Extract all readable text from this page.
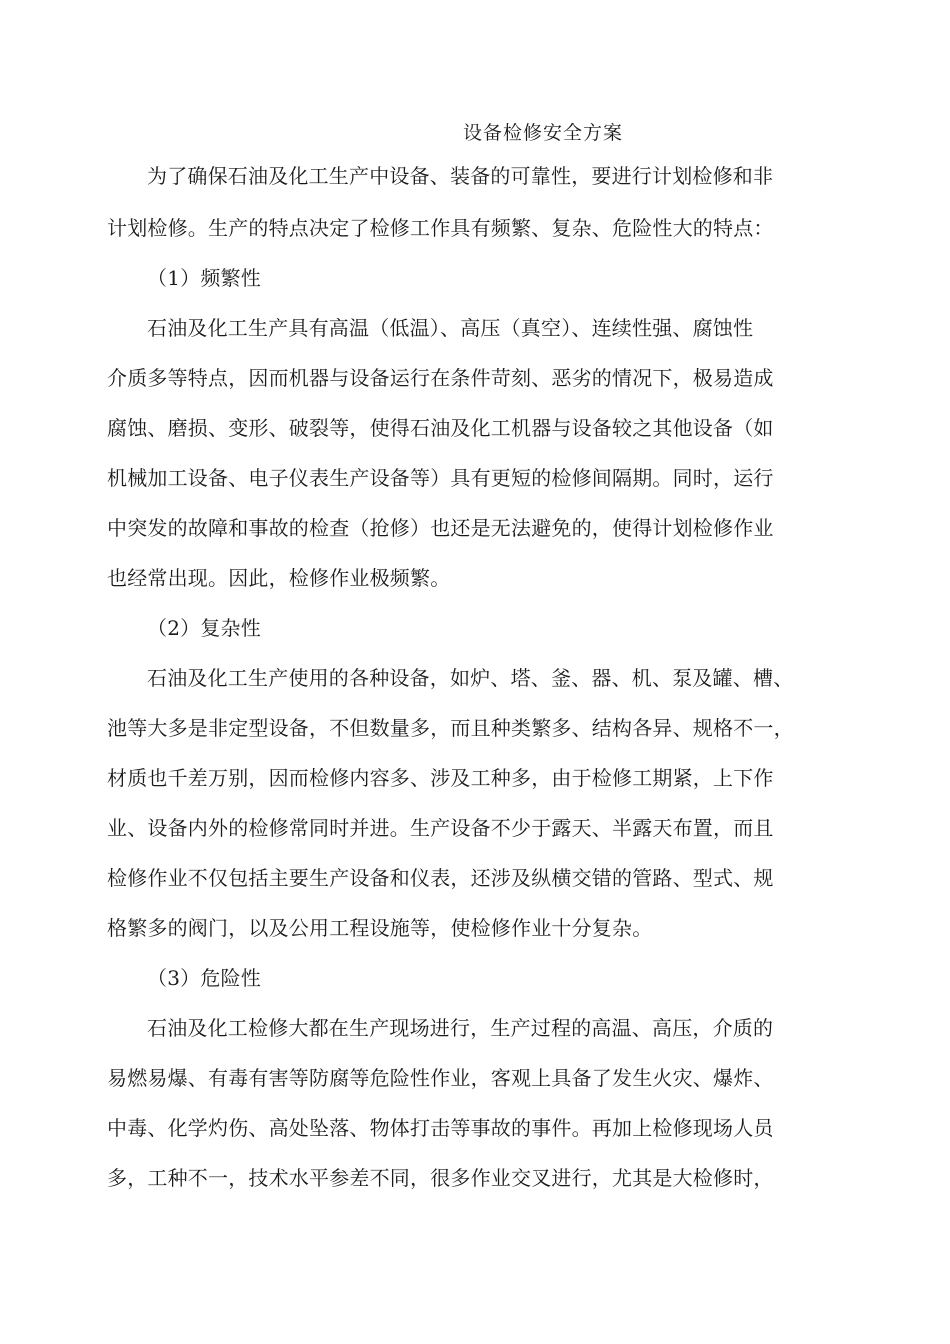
设备检修安全方案
为了确保石油及化工生产中设备、装备的可靠性，要进行计划检修和非
计划检修。生产的特点决定了检修工作具有频繁、复杂、危险性大的特点：
（1）频繁性
石油及化工生产具有高温（低温）、高压（真空）、连续性强、腐蚀性
介质多等特点，因而机器与设备运行在条件苛刻、恶劣的情况下，极易造成
腐蚀、磨损、变形、破裂等，使得石油及化工机器与设备较之其他设备（如
机械加工设备、电子仪表生产设备等）具有更短的检修间隔期。同时，运行
中突发的故障和事故的检查（抢修）也还是无法避免的，使得计划检修作业
也经常出现。因此，检修作业极频繁。
（2）复杂性
石油及化工生产使用的各种设备，如炉、塔、釜、器、机、泵及罐、槽、
池等大多是非定型设备，不但数量多，而且种类繁多、结构各异、规格不一，
材质也千差万别，因而检修内容多、涉及工种多，由于检修工期紧，上下作
业、设备内外的检修常同时并进。生产设备不少于露天、半露天布置，而且
检修作业不仅包括主要生产设备和仪表，还涉及纵横交错的管路、型式、规
格繁多的阀门，以及公用工程设施等，使检修作业十分复杂。
（3）危险性
石油及化工检修大都在生产现场进行，生产过程的高温、高压，介质的
易燃易爆、有毒有害等防腐等危险性作业，客观上具备了发生火灾、爆炸、
中毒、化学灼伤、高处坠落、物体打击等事故的事件。再加上检修现场人员
多，工种不一，技术水平参差不同，很多作业交叉进行，尤其是大检修时，
